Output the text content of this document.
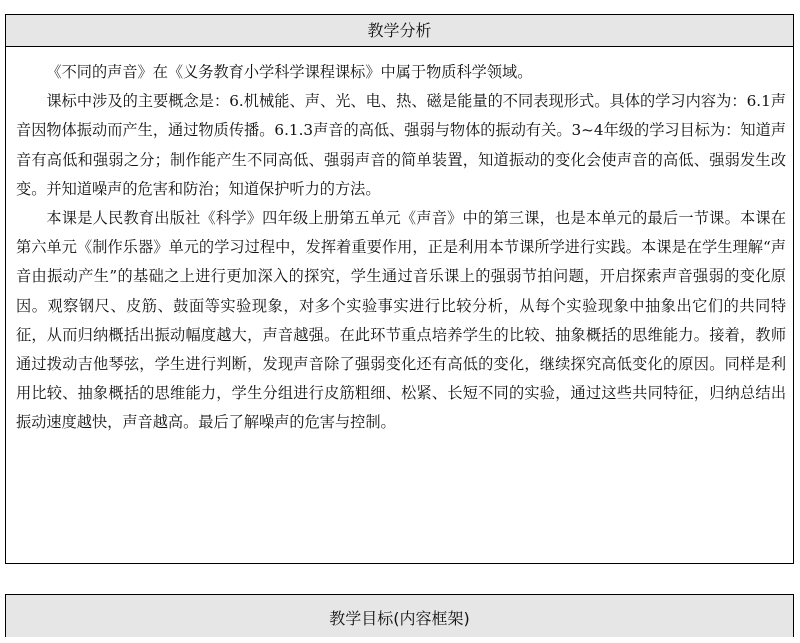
教学分析

《不同的声音》在《义务教育小学科学课程课标》中属于物质科学领域。

课标中涉及的主要概念是：6.机械能、声、光、电、热、磁是能量的不同表现形式。具体的学习内容为：6.1声音因物体振动而产生，通过物质传播。6.1.3声音的高低、强弱与物体的振动有关。3~4年级的学习目标为：知道声音有高低和强弱之分；制作能产生不同高低、强弱声音的简单装置，知道振动的变化会使声音的高低、强弱发生改变。并知道噪声的危害和防治；知道保护听力的方法。

本课是人民教育出版社《科学》四年级上册第五单元《声音》中的第三课，也是本单元的最后一节课。本课在第六单元《制作乐器》单元的学习过程中，发挥着重要作用，正是利用本节课所学进行实践。本课是在学生理解“声音由振动产生”的基础之上进行更加深入的探究，学生通过音乐课上的强弱节拍问题，开启探索声音强弱的变化原因。观察钢尺、皮筋、鼓面等实验现象，对多个实验事实进行比较分析，从每个实验现象中抽象出它们的共同特征，从而归纳概括出振动幅度越大，声音越强。在此环节重点培养学生的比较、抽象概括的思维能力。接着，教师通过拨动吉他琴弦，学生进行判断，发现声音除了强弱变化还有高低的变化，继续探究高低变化的原因。同样是利用比较、抽象概括的思维能力，学生分组进行皮筋粗细、松紧、长短不同的实验，通过这些共同特征，归纳总结出振动速度越快，声音越高。最后了解噪声的危害与控制。

教学目标(内容框架)
